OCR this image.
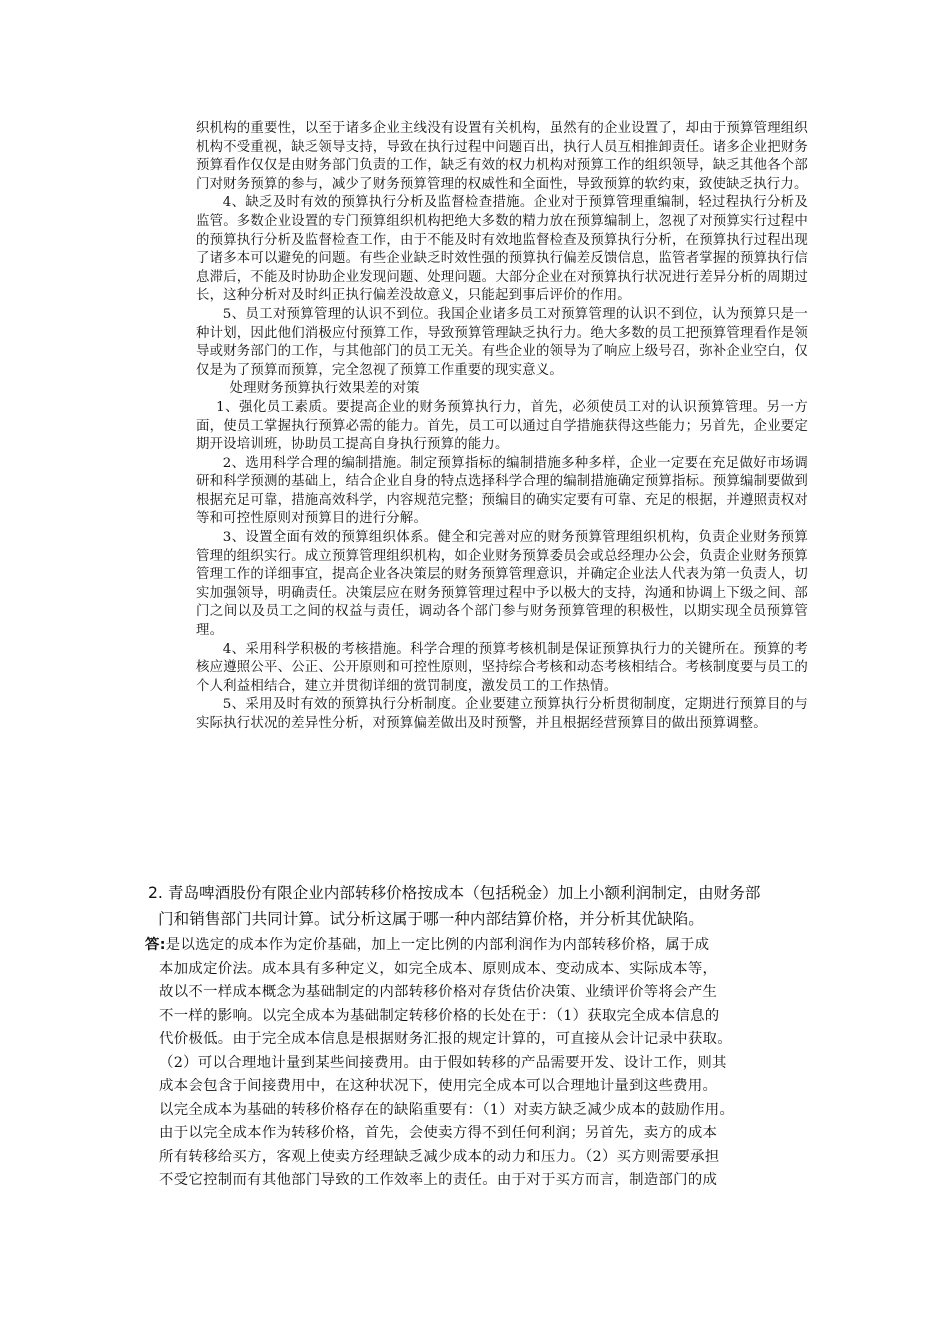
织机构的重要性，以至于诸多企业主线没有设置有关机构，虽然有的企业设置了，却由于预算管理组织机构不受重视，缺乏领导支持，导致在执行过程中问题百出，执行人员互相推卸责任。诸多企业把财务预算看作仅仅是由财务部门负责的工作，缺乏有效的权力机构对预算工作的组织领导，缺乏其他各个部门对财务预算的参与，减少了财务预算管理的权威性和全面性，导致预算的软约束，致使缺乏执行力。

4、缺乏及时有效的预算执行分析及监督检查措施。企业对于预算管理重编制，轻过程执行分析及监管。多数企业设置的专门预算组织机构把绝大多数的精力放在预算编制上，忽视了对预算实行过程中的预算执行分析及监督检查工作，由于不能及时有效地监督检查及预算执行分析，在预算执行过程出现了诸多本可以避免的问题。有些企业缺乏时效性强的预算执行偏差反馈信息，监管者掌握的预算执行信息滞后，不能及时协助企业发现问题、处理问题。大部分企业在对预算执行状况进行差异分析的周期过长，这种分析对及时纠正执行偏差没故意义，只能起到事后评价的作用。

5、员工对预算管理的认识不到位。我国企业诸多员工对预算管理的认识不到位，认为预算只是一种计划，因此他们消极应付预算工作，导致预算管理缺乏执行力。绝大多数的员工把预算管理看作是领导或财务部门的工作，与其他部门的员工无关。有些企业的领导为了响应上级号召，弥补企业空白，仅仅是为了预算而预算，完全忽视了预算工作重要的现实意义。

处理财务预算执行效果差的对策

1、强化员工素质。要提高企业的财务预算执行力，首先，必须使员工对的认识预算管理。另一方面，使员工掌握执行预算必需的能力。首先，员工可以通过自学措施获得这些能力；另首先，企业要定期开设培训班，协助员工提高自身执行预算的能力。

2、选用科学合理的编制措施。制定预算指标的编制措施多种多样，企业一定要在充足做好市场调研和科学预测的基础上，结合企业自身的特点选择科学合理的编制措施确定预算指标。预算编制要做到根据充足可靠，措施高效科学，内容规范完整；预编目的确实定要有可靠、充足的根据，并遵照责权对等和可控性原则对预算目的进行分解。

3、设置全面有效的预算组织体系。健全和完善对应的财务预算管理组织机构，负责企业财务预算管理的组织实行。成立预算管理组织机构，如企业财务预算委员会或总经理办公会，负责企业财务预算管理工作的详细事宜，提高企业各决策层的财务预算管理意识，并确定企业法人代表为第一负责人，切实加强领导，明确责任。决策层应在财务预算管理过程中予以极大的支持，沟通和协调上下级之间、部门之间以及员工之间的权益与责任，调动各个部门参与财务预算管理的积极性，以期实现全员预算管理。

4、采用科学积极的考核措施。科学合理的预算考核机制是保证预算执行力的关键所在。预算的考核应遵照公平、公正、公开原则和可控性原则，坚持综合考核和动态考核相结合。考核制度要与员工的个人利益相结合，建立并贯彻详细的赏罚制度，激发员工的工作热情。

5、采用及时有效的预算执行分析制度。企业要建立预算执行分析贯彻制度，定期进行预算目的与实际执行状况的差异性分析，对预算偏差做出及时预警，并且根据经营预算目的做出预算调整。

2. 青岛啤酒股份有限企业内部转移价格按成本（包括税金）加上小额利润制定，由财务部
门和销售部门共同计算。试分析这属于哪一种内部结算价格，并分析其优缺陷。
答:是以选定的成本作为定价基础，加上一定比例的内部利润作为内部转移价格，属于成
本加成定价法。成本具有多种定义，如完全成本、原则成本、变动成本、实际成本等，
故以不一样成本概念为基础制定的内部转移价格对存货估价决策、业绩评价等将会产生
不一样的影响。以完全成本为基础制定转移价格的长处在于：（1）获取完全成本信息的
代价极低。由于完全成本信息是根据财务汇报的规定计算的，可直接从会计记录中获取。
（2）可以合理地计量到某些间接费用。由于假如转移的产品需要开发、设计工作，则其
成本会包含于间接费用中，在这种状况下，使用完全成本可以合理地计量到这些费用。
以完全成本为基础的转移价格存在的缺陷重要有：（1）对卖方缺乏减少成本的鼓励作用。
由于以完全成本作为转移价格，首先，会使卖方得不到任何利润；另首先，卖方的成本
所有转移给买方，客观上使卖方经理缺乏减少成本的动力和压力。（2）买方则需要承担
不受它控制而有其他部门导致的工作效率上的责任。由于对于买方而言，制造部门的成
